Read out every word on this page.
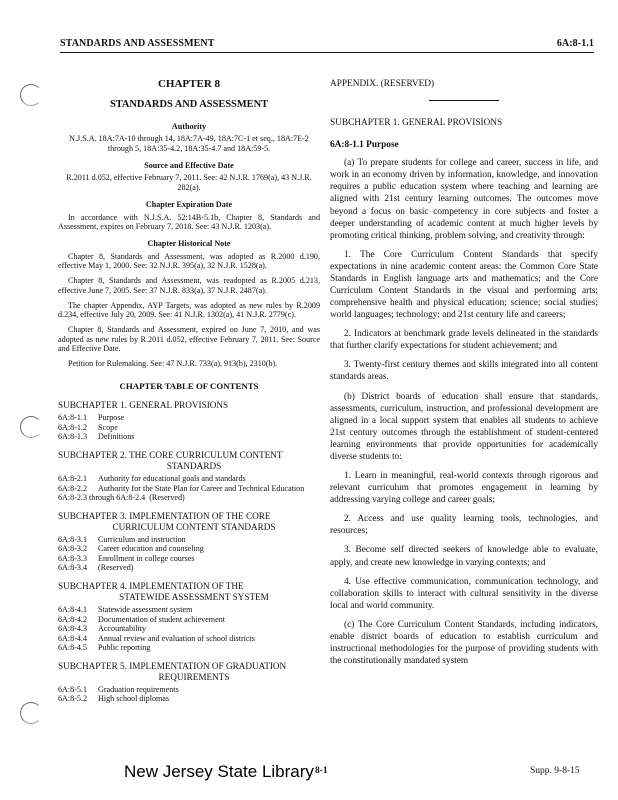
STANDARDS AND ASSESSMENT	6A:8-1.1
CHAPTER 8
STANDARDS AND ASSESSMENT
Authority

N.J.S.A. 18A:7A-10 through 14, 18A:7A-49, 18A:7C-1 et seq., 18A:7E-2 through 5, 18A:35-4.2, 18A:35-4.7 and 18A:59-5.

Source and Effective Date

R.2011 d.052, effective February 7, 2011. See: 42 N.J.R. 1769(a), 43 N.J.R. 282(a).

Chapter Expiration Date

In accordance with N.J.S.A. 52:14B-5.1b, Chapter 8, Standards and Assessment, expires on February 7, 2018. See: 43 N.J.R. 1203(a).

Chapter Historical Note

Chapter 8, Standards and Assessment, was adopted as R.2000 d.190, effective May 1, 2000. See: 32 N.J.R. 395(a), 32 N.J.R. 1528(a).

Chapter 8, Standards and Assessment, was readopted as R.2005 d.213, effective June 7, 2005. See: 37 N.J.R. 833(a), 37 N.J.R. 2487(a).

The chapter Appendix, AYP Targets, was adopted as new rules by R.2009 d.234, effective July 20, 2009. See: 41 N.J.R. 1302(a), 41 N.J.R. 2779(c).

Chapter 8, Standards and Assessment, expired on June 7, 2010, and was adopted as new rules by R.2011 d.052, effective February 7, 2011. See: Source and Effective Date.

Petition for Rulemaking. See: 47 N.J.R. 733(a), 913(b), 2310(b).

CHAPTER TABLE OF CONTENTS
SUBCHAPTER 1. GENERAL PROVISIONS
6A:8-1.1	Purpose
6A:8-1.2	Scope
6A:8-1.3	Definitions
SUBCHAPTER 2. THE CORE CURRICULUM CONTENT
STANDARDS
6A:8-2.1	Authority for educational goals and standards
6A:8-2.2	Authority for the State Plan for Career and Technical Education
6A:8-2.3 through 6A:8-2.4 (Reserved)
SUBCHAPTER 3. IMPLEMENTATION OF THE CORE
CURRICULUM CONTENT STANDARDS
6A:8-3.1	Curriculum and instruction
6A:8-3.2	Career education and counseling
6A:8-3.3	Enrollment in college courses
6A:8-3.4	(Reserved)
SUBCHAPTER 4. IMPLEMENTATION OF THE
STATEWIDE ASSESSMENT SYSTEM
6A:8-4.1	Statewide assessment system
6A:8-4.2	Documentation of student achievement
6A:8-4.3	Accountability
6A:8-4.4	Annual review and evaluation of school districts
6A:8-4.5	Public reporting
SUBCHAPTER 5. IMPLEMENTATION OF GRADUATION
REQUIREMENTS
6A:8-5.1	Graduation requirements
6A:8-5.2	High school diplomas
APPENDIX. (RESERVED)
SUBCHAPTER 1. GENERAL PROVISIONS
6A:8-1.1 Purpose

(a) To prepare students for college and career, success in life, and work in an economy driven by information, knowledge, and innovation requires a public education system where teaching and learning are aligned with 21st century learning outcomes. The outcomes move beyond a focus on basic competency in core subjects and foster a deeper understanding of academic content at much higher levels by promoting critical thinking, problem solving, and creativity through:

1. The Core Curriculum Content Standards that specify expectations in nine academic content areas: the Common Core State Standards in English language arts and mathematics; and the Core Curriculum Content Standards in the visual and performing arts; comprehensive health and physical education; science; social studies; world languages; technology; and 21st century life and careers;

2. Indicators at benchmark grade levels delineated in the standards that further clarify expectations for student achievement; and

3. Twenty-first century themes and skills integrated into all content standards areas.

(b) District boards of education shall ensure that standards, assessments, curriculum, instruction, and professional development are aligned in a local support system that enables all students to achieve 21st century outcomes through the establishment of student-centered learning environments that provide opportunities for academically diverse students to:

1. Learn in meaningful, real-world contexts through rigorous and relevant curriculum that promotes engagement in learning by addressing varying college and career goals;

2. Access and use quality learning tools, technologies, and resources;

3. Become self directed seekers of knowledge able to evaluate, apply, and create new knowledge in varying contexts; and

4. Use effective communication, communication technology, and collaboration skills to interact with cultural sensitivity in the diverse local and world community.

(c) The Core Curriculum Content Standards, including indicators, enable district boards of education to establish curriculum and instructional methodologies for the purpose of providing students with the constitutionally mandated system

New Jersey State Library 8-1	Supp. 9-8-15
